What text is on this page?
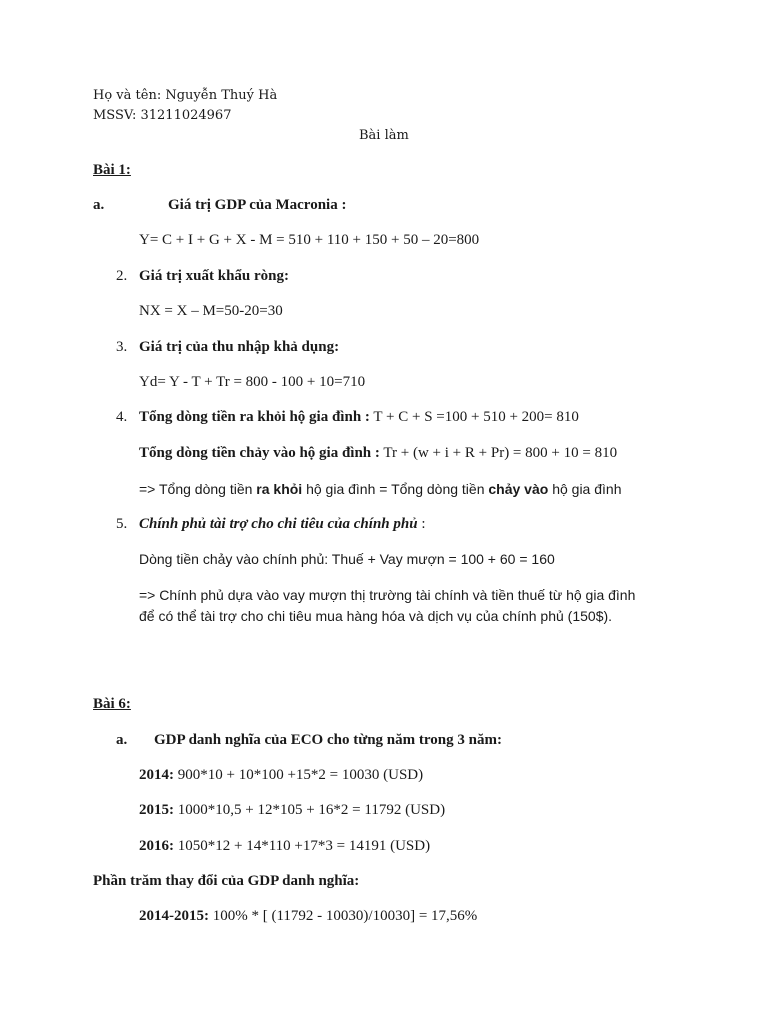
Họ và tên: Nguyễn Thuý Hà
MSSV: 31211024967
Bài làm
Bài 1:
a.	Giá trị GDP của Macronia :
Y= C + I + G + X - M = 510 + 110 + 150 + 50 – 20=800
2. Giá trị xuất khẩu ròng:
NX = X – M=50-20=30
3. Giá trị của thu nhập khả dụng:
Yd= Y - T + Tr = 800 - 100 + 10=710
4. Tổng dòng tiền ra khỏi hộ gia đình : T + C + S =100 + 510 + 200= 810
Tổng dòng tiền chảy vào hộ gia đình : Tr + (w + i + R + Pr) = 800 + 10 = 810
=> Tổng dòng tiền ra khỏi hộ gia đình = Tổng dòng tiền chảy vào hộ gia đình
5. Chính phủ tài trợ cho chi tiêu của chính phủ :
Dòng tiền chảy vào chính phủ: Thuế + Vay mượn = 100 + 60 = 160
=> Chính phủ dựa vào vay mượn thị trường tài chính và tiền thuế từ hộ gia đình để có thể tài trợ cho chi tiêu mua hàng hóa và dịch vụ của chính phủ (150$).
Bài 6:
a. GDP danh nghĩa của ECO cho từng năm trong 3 năm:
2014: 900*10 + 10*100 +15*2 = 10030 (USD)
2015: 1000*10,5 + 12*105 + 16*2 = 11792 (USD)
2016: 1050*12 + 14*110 +17*3 = 14191 (USD)
Phần trăm thay đổi của GDP danh nghĩa:
2014-2015: 100% * [ (11792 - 10030)/10030] = 17,56%
